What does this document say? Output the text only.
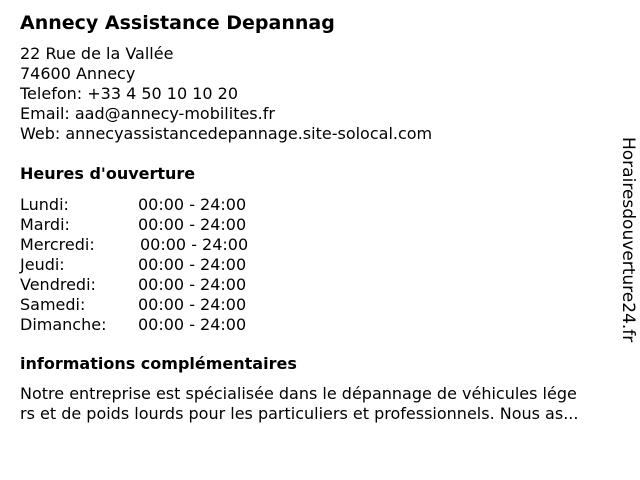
Annecy Assistance Depannag
22 Rue de la Vallée
74600 Annecy
Telefon: +33 4 50 10 10 20
Email: aad@annecy-mobilites.fr
Web: annecyassistancedepannage.site-solocal.com
Heures d'ouverture
Lundi:	00:00 - 24:00
Mardi:	00:00 - 24:00
Mercredi:	00:00 - 24:00
Jeudi:	00:00 - 24:00
Vendredi:	00:00 - 24:00
Samedi:	00:00 - 24:00
Dimanche: 00:00 - 24:00
informations complémentaires
Notre entreprise est spécialisée dans le dépannage de véhicules lége
rs et de poids lourds pour les particuliers et professionnels. Nous as...
Horairesdouverture24.fr
